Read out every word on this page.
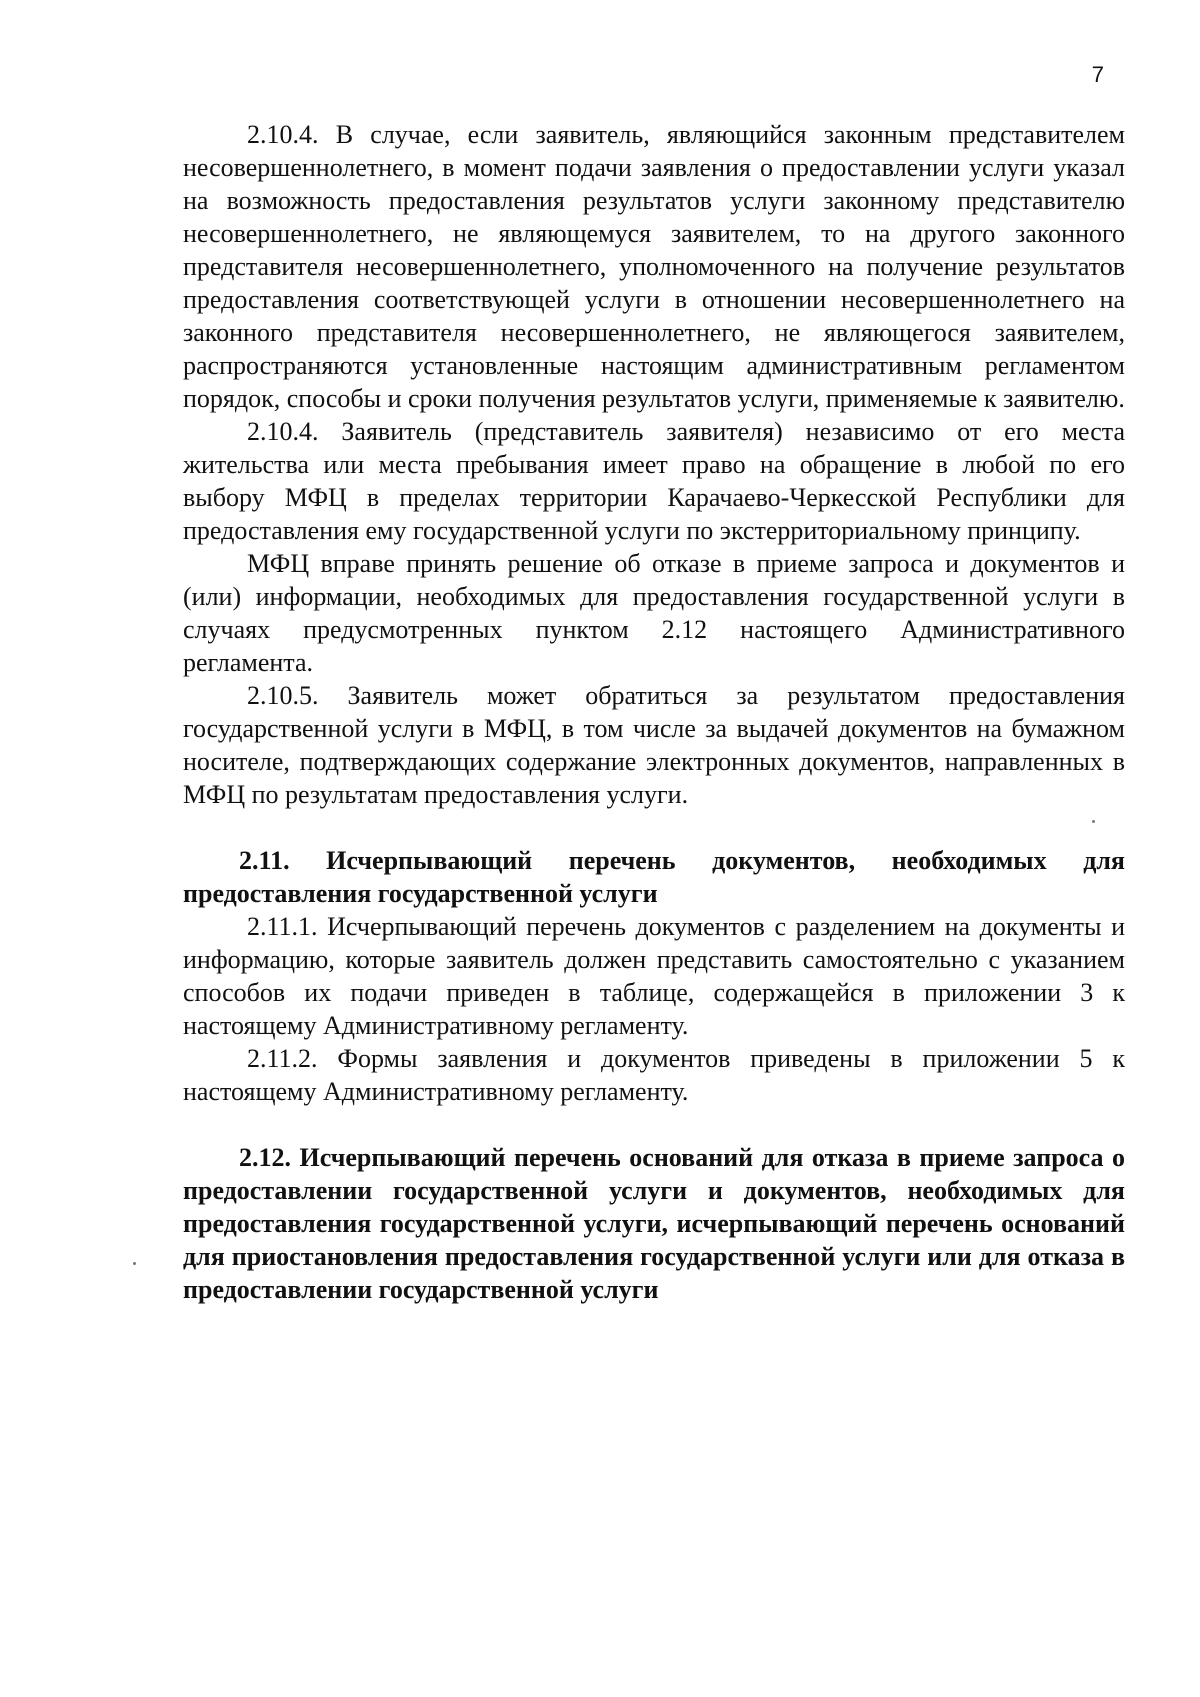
7

2.10.4. В случае, если заявитель, являющийся законным представителем несовершеннолетнего, в момент подачи заявления о предоставлении услуги указал на возможность предоставления результатов услуги законному представителю несовершеннолетнего, не являющемуся заявителем, то на другого законного представителя несовершеннолетнего, уполномоченного на получение результатов предоставления соответствующей услуги в отношении несовершеннолетнего на законного представителя несовершеннолетнего, не являющегося заявителем, распространяются установленные настоящим административным регламентом порядок, способы и сроки получения результатов услуги, применяемые к заявителю.

2.10.4. Заявитель (представитель заявителя) независимо от его места жительства или места пребывания имеет право на обращение в любой по его выбору МФЦ в пределах территории Карачаево-Черкесской Республики для предоставления ему государственной услуги по экстерриториальному принципу.

МФЦ вправе принять решение об отказе в приеме запроса и документов и (или) информации, необходимых для предоставления государственной услуги в случаях предусмотренных пунктом 2.12 настоящего Административного регламента.

2.10.5. Заявитель может обратиться за результатом предоставления государственной услуги в МФЦ, в том числе за выдачей документов на бумажном носителе, подтверждающих содержание электронных документов, направленных в МФЦ по результатам предоставления услуги.

2.11. Исчерпывающий перечень документов, необходимых для предоставления государственной услуги

2.11.1. Исчерпывающий перечень документов с разделением на документы и информацию, которые заявитель должен представить самостоятельно с указанием способов их подачи приведен в таблице, содержащейся в приложении 3 к настоящему Административному регламенту.

2.11.2. Формы заявления и документов приведены в приложении 5 к настоящему Административному регламенту.

2.12. Исчерпывающий перечень оснований для отказа в приеме запроса о предоставлении государственной услуги и документов, необходимых для предоставления государственной услуги, исчерпывающий перечень оснований для приостановления предоставления государственной услуги или для отказа в предоставлении государственной услуги
